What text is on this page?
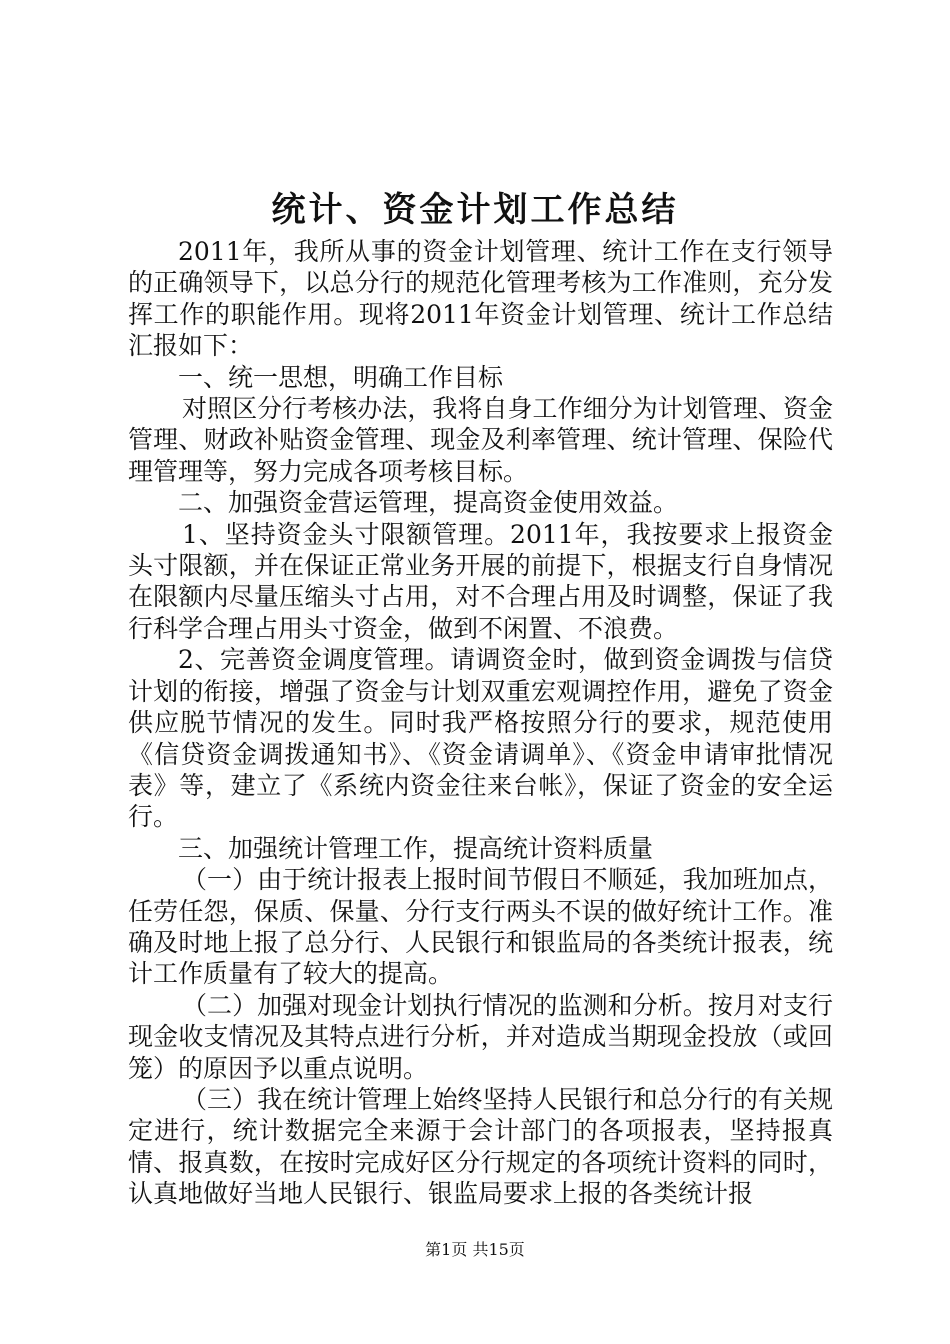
统计、资金计划工作总结

2011年，我所从事的资金计划管理、统计工作在支行领导的正确领导下，以总分行的规范化管理考核为工作准则，充分发挥工作的职能作用。现将2011年资金计划管理、统计工作总结汇报如下：

一、统一思想，明确工作目标

对照区分行考核办法，我将自身工作细分为计划管理、资金管理、财政补贴资金管理、现金及利率管理、统计管理、保险代理管理等，努力完成各项考核目标。

二、加强资金营运管理，提高资金使用效益。

1、坚持资金头寸限额管理。2011年，我按要求上报资金头寸限额，并在保证正常业务开展的前提下，根据支行自身情况在限额内尽量压缩头寸占用，对不合理占用及时调整，保证了我行科学合理占用头寸资金，做到不闲置、不浪费。

2、完善资金调度管理。请调资金时，做到资金调拨与信贷计划的衔接，增强了资金与计划双重宏观调控作用，避免了资金供应脱节情况的发生。同时我严格按照分行的要求，规范使用《信贷资金调拨通知书》、《资金请调单》、《资金申请审批情况表》等，建立了《系统内资金往来台帐》，保证了资金的安全运行。

三、加强统计管理工作，提高统计资料质量

（一）由于统计报表上报时间节假日不顺延，我加班加点，任劳任怨，保质、保量、分行支行两头不误的做好统计工作。准确及时地上报了总分行、人民银行和银监局的各类统计报表，统计工作质量有了较大的提高。

（二）加强对现金计划执行情况的监测和分析。按月对支行现金收支情况及其特点进行分析，并对造成当期现金投放（或回笼）的原因予以重点说明。

（三）我在统计管理上始终坚持人民银行和总分行的有关规定进行，统计数据完全来源于会计部门的各项报表，坚持报真情、报真数，在按时完成好区分行规定的各项统计资料的同时，认真地做好当地人民银行、银监局要求上报的各类统计报

第1页 共15页
